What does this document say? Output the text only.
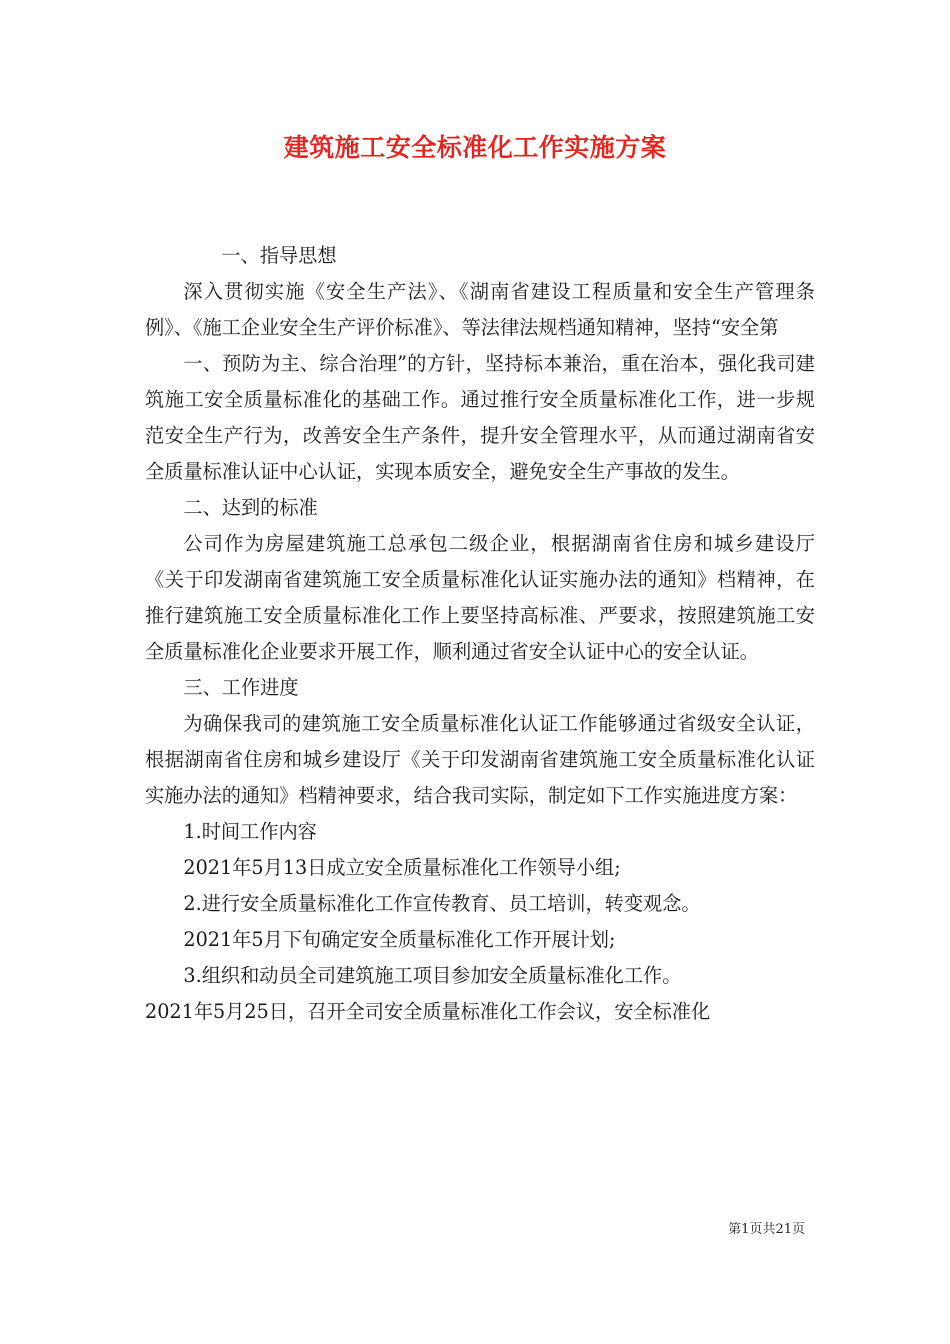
建筑施工安全标准化工作实施方案

一、指导思想

深入贯彻实施《安全生产法》、《湖南省建设工程质量和安全生产管理条例》、《施工企业安全生产评价标准》、等法律法规档通知精神，坚持“安全第

一、预防为主、综合治理”的方针，坚持标本兼治，重在治本，强化我司建筑施工安全质量标准化的基础工作。通过推行安全质量标准化工作，进一步规范安全生产行为，改善安全生产条件，提升安全管理水平，从而通过湖南省安全质量标准认证中心认证，实现本质安全，避免安全生产事故的发生。

二、达到的标准

公司作为房屋建筑施工总承包二级企业，根据湖南省住房和城乡建设厅《关于印发湖南省建筑施工安全质量标准化认证实施办法的通知》档精神，在推行建筑施工安全质量标准化工作上要坚持高标准、严要求，按照建筑施工安全质量标准化企业要求开展工作，顺利通过省安全认证中心的安全认证。

三、工作进度

为确保我司的建筑施工安全质量标准化认证工作能够通过省级安全认证，根据湖南省住房和城乡建设厅《关于印发湖南省建筑施工安全质量标准化认证实施办法的通知》档精神要求，结合我司实际，制定如下工作实施进度方案：

1.时间工作内容

2021年5月13日成立安全质量标准化工作领导小组;

2.进行安全质量标准化工作宣传教育、员工培训，转变观念。

2021年5月下旬确定安全质量标准化工作开展计划;

3.组织和动员全司建筑施工项目参加安全质量标准化工作。

2021年5月25日，召开全司安全质量标准化工作会议，安全标准化

第1页共21页
